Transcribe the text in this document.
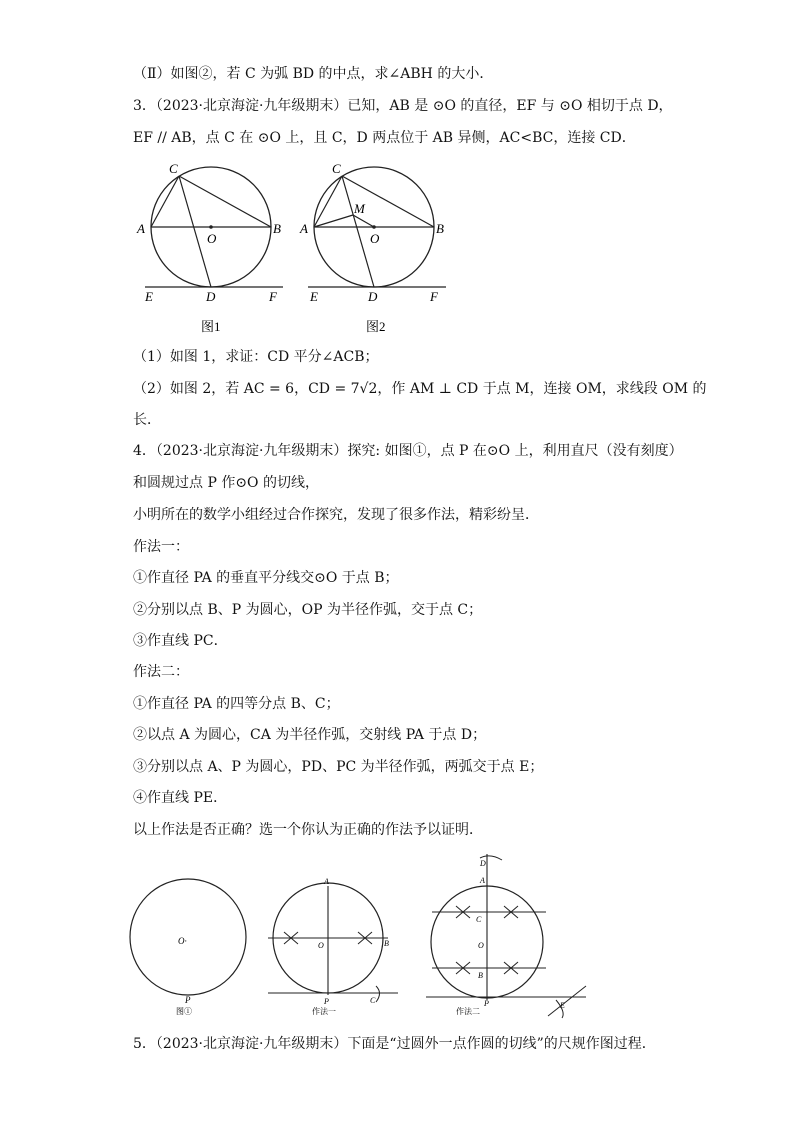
（Ⅱ）如图②，若 C 为弧 BD 的中点，求∠ABH 的大小．
3．（2023·北京海淀·九年级期末）已知，AB 是 ⊙O 的直径，EF 与 ⊙O 相切于点 D，
EF // AB，点 C 在 ⊙O 上，且 C，D 两点位于 AB 异侧，AC<BC，连接 CD．
（1）如图 1，求证：CD 平分∠ACB；
（2）如图 2，若 AC = 6，CD = 7√2，作 AM ⊥ CD 于点 M，连接 OM，求线段 OM 的
长．
4．（2023·北京海淀·九年级期末）探究: 如图①，点 P 在⊙O 上，利用直尺（没有刻度）
和圆规过点 P 作⊙O 的切线，
小明所在的数学小组经过合作探究，发现了很多作法，精彩纷呈．
作法一：
①作直径 PA 的垂直平分线交⊙O 于点 B；
②分别以点 B、P 为圆心，OP 为半径作弧，交于点 C；
③作直线 PC．
作法二：
①作直径 PA 的四等分点 B、C；
②以点 A 为圆心，CA 为半径作弧，交射线 PA 于点 D；
③分别以点 A、P 为圆心，PD、PC 为半径作弧，两弧交于点 E；
④作直线 PE．
以上作法是否正确？选一个你认为正确的作法予以证明．
5．（2023·北京海淀·九年级期末）下面是“过圆外一点作圆的切线”的尺规作图过程．
C
A	B
O
E	D	F
图1
C
M
A	B
O
E	D	F
图2
O·
P
图①
A
O	B
P	C
作法一
D
A
C
O
B
P	E
作法二
